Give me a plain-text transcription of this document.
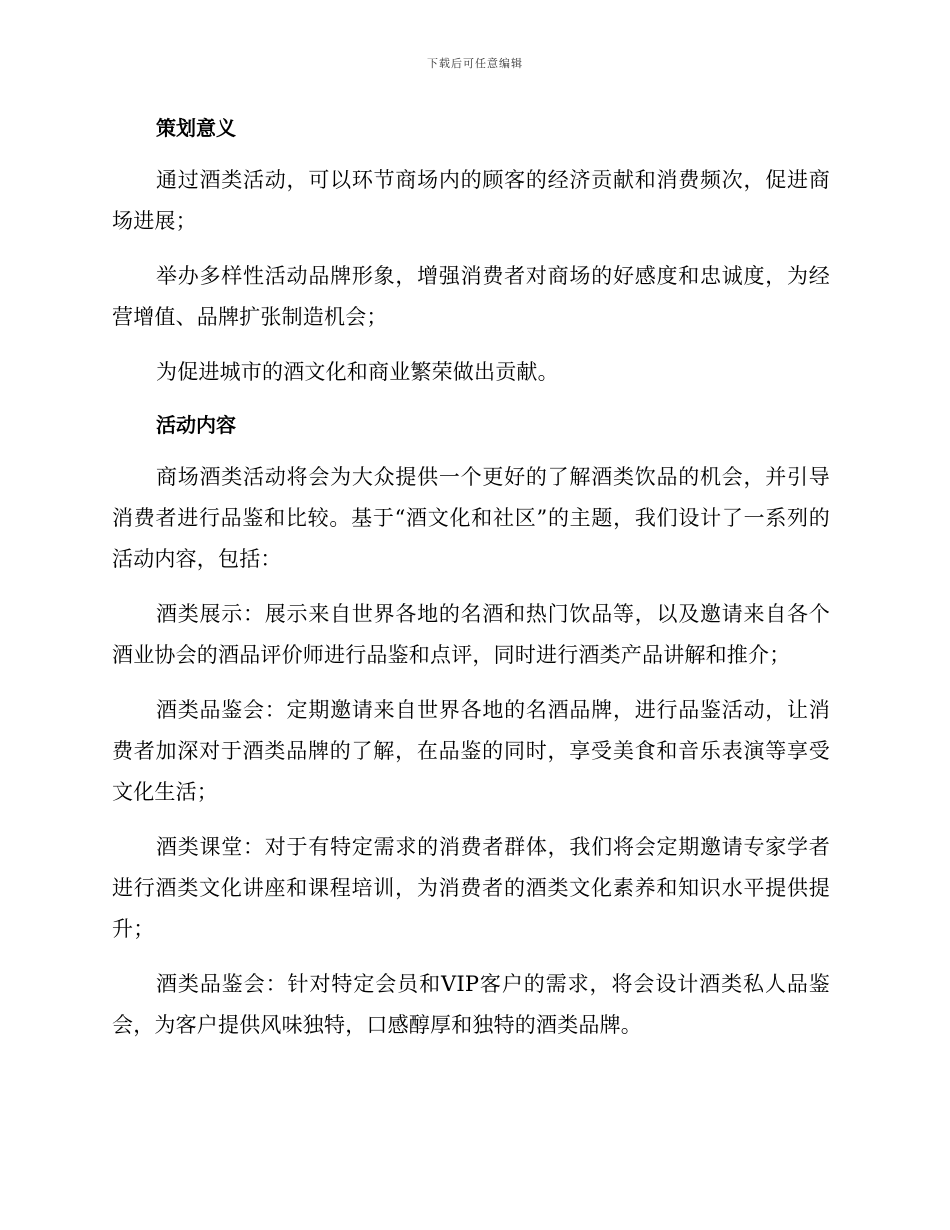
下载后可任意编辑
策划意义

通过酒类活动，可以环节商场内的顾客的经济贡献和消费频次，促进商场进展；

举办多样性活动品牌形象，增强消费者对商场的好感度和忠诚度，为经营增值、品牌扩张制造机会；

为促进城市的酒文化和商业繁荣做出贡献。

活动内容

商场酒类活动将会为大众提供一个更好的了解酒类饮品的机会，并引导消费者进行品鉴和比较。基于“酒文化和社区”的主题，我们设计了一系列的活动内容，包括：

酒类展示：展示来自世界各地的名酒和热门饮品等，以及邀请来自各个酒业协会的酒品评价师进行品鉴和点评，同时进行酒类产品讲解和推介；

酒类品鉴会：定期邀请来自世界各地的名酒品牌，进行品鉴活动，让消费者加深对于酒类品牌的了解，在品鉴的同时，享受美食和音乐表演等享受文化生活；

酒类课堂：对于有特定需求的消费者群体，我们将会定期邀请专家学者进行酒类文化讲座和课程培训，为消费者的酒类文化素养和知识水平提供提升；

酒类品鉴会：针对特定会员和VIP客户的需求，将会设计酒类私人品鉴会，为客户提供风味独特，口感醇厚和独特的酒类品牌。
